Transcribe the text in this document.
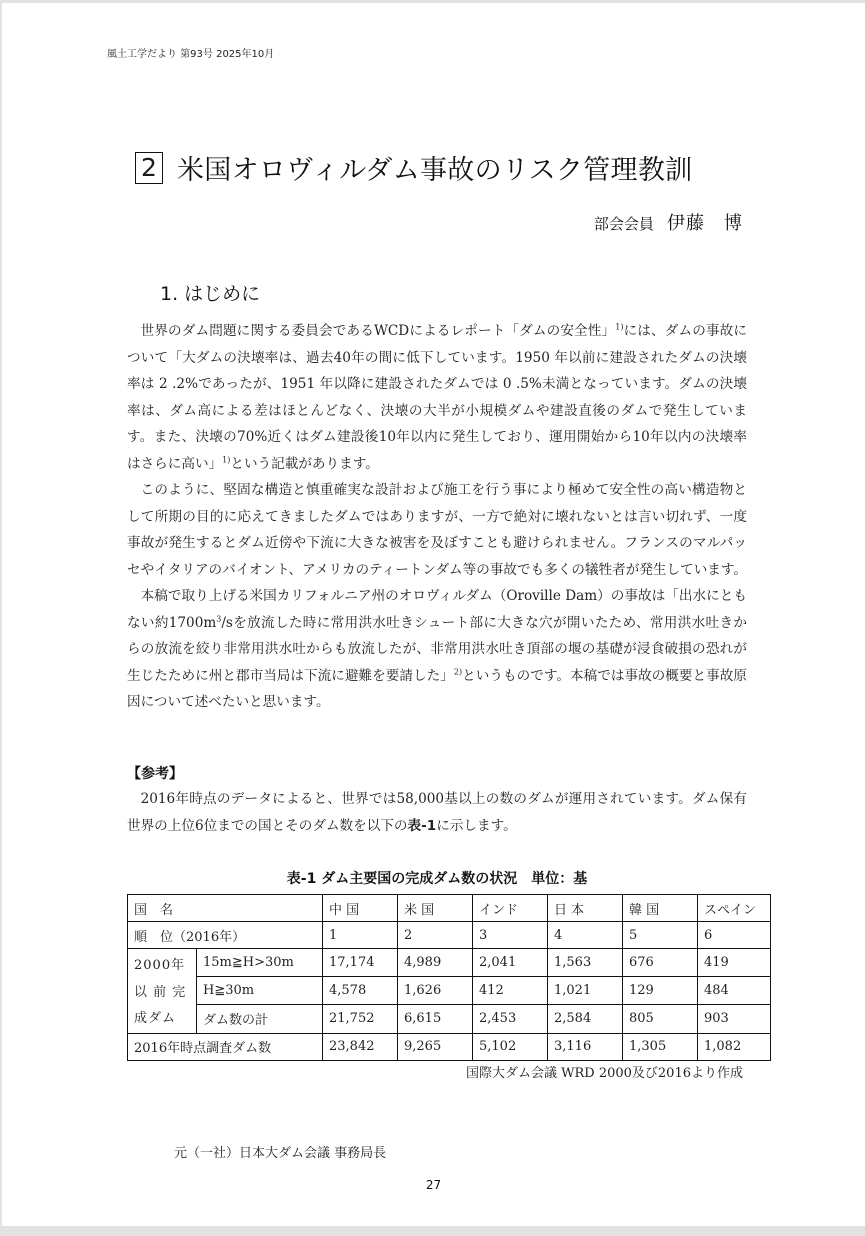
風土工学だより 第93号 2025年10月
2 米国オロヴィルダム事故のリスク管理教訓
部会会員 伊藤　博
1. はじめに

世界のダム問題に関する委員会であるWCDによるレポート「ダムの安全性」$^{1)}$には、ダムの事故について「大ダムの決壊率は、過去40年の間に低下しています。1950 年以前に建設されたダムの決壊率は 2 .2%であったが、1951 年以降に建設されたダムでは 0 .5%未満となっています。ダムの決壊率は、ダム高による差はほとんどなく、決壊の大半が小規模ダムや建設直後のダムで発生しています。また、決壊の70%近くはダム建設後10年以内に発生しており、運用開始から10年以内の決壊率はさらに高い」$^{1)}$という記載があります。

このように、堅固な構造と慎重確実な設計および施工を行う事により極めて安全性の高い構造物として所期の目的に応えてきましたダムではありますが、一方で絶対に壊れないとは言い切れず、一度事故が発生するとダム近傍や下流に大きな被害を及ぼすことも避けられません。フランスのマルパッセやイタリアのバイオント、アメリカのティートンダム等の事故でも多くの犠牲者が発生しています。

本稿で取り上げる米国カリフォルニア州のオロヴィルダム（Oroville Dam）の事故は「出水にともない約$1700m^3/s$を放流した時に常用洪水吐きシュート部に大きな穴が開いたため、常用洪水吐きからの放流を絞り非常用洪水吐からも放流したが、非常用洪水吐き頂部の堰の基礎が浸食破損の恐れが生じたために州と郡市当局は下流に避難を要請した」$^{2)}$というものです。本稿では事故の概要と事故原因について述べたいと思います。

【参考】

2016年時点のデータによると、世界では58,000基以上の数のダムが運用されています。ダム保有世界の上位6位までの国とそのダム数を以下の表-1に示します。

表-1 ダム主要国の完成ダム数の状況　単位：基
国　名		中 国	米 国	インド	日 本	韓 国	スペイン
順　位（2016年）		1	2	3	4	5	6

2000年
以 前 完
成ダム	15m≧H>30m	17,174	4,989	2,041	1,563	676	419
	H≧30m	4,578	1,626	412	1,021	129	484
	ダム数の計	21,752	6,615	2,453	2,584	805	903
2016年時点調査ダム数		23,842	9,265	5,102	3,116	1,305	1,082
国際大ダム会議 WRD 2000及び2016より作成
元（一社）日本大ダム会議 事務局長
27
